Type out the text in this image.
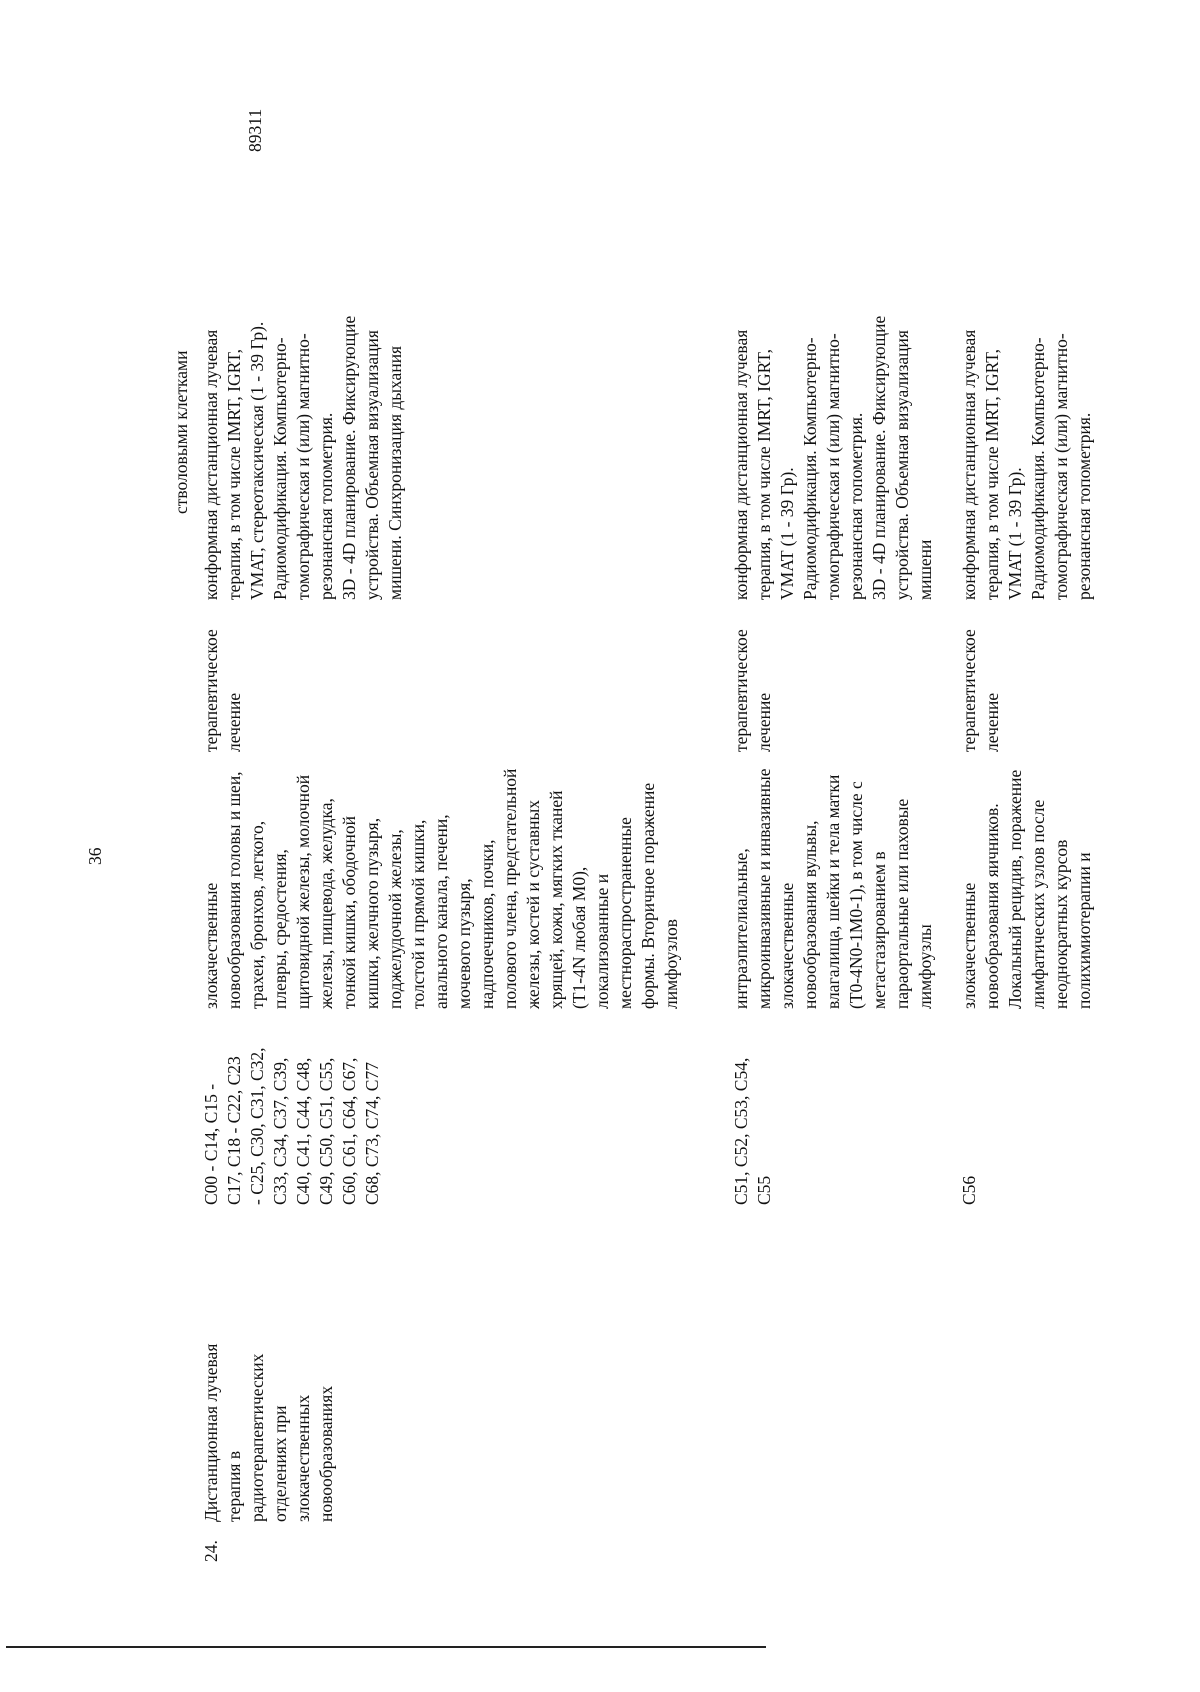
36

89311

стволовыми клетками

24.

Дистанционная лучевая
терапия в
радиотерапевтических
отделениях при
злокачественных
новообразованиях

С00 - С14, С15 -
С17, С18 - С22, С23
- С25, С30, С31, С32,
С33, С34, С37, С39,
С40, С41, С44, С48,
С49, С50, С51, С55,
С60, С61, С64, С67,
С68, С73, С74, С77

злокачественные
новообразования головы и шеи,
трахеи, бронхов, легкого,
плевры, средостения,
щитовидной железы, молочной
железы, пищевода, желудка,
тонкой кишки, ободочной
кишки, желчного пузыря,
поджелудочной железы,
толстой и прямой кишки,
анального канала, печени,
мочевого пузыря,
надпочечников, почки,
полового члена, предстательной
железы, костей и суставных
хрящей, кожи, мягких тканей
(Т1-4N любая М0),
локализованные и
местнораспространенные
формы. Вторичное поражение
лимфоузлов

терапевтическое
лечение

конформная дистанционная лучевая
терапия, в том числе IMRT, IGRT,
VMAT, стереотаксическая (1 - 39 Гр).
Радиомодификация. Компьютерно-
томографическая и (или) магнитно-
резонансная топометрия.
3D - 4D планирование. Фиксирующие
устройства. Объемная визуализация
мишени. Синхронизация дыхания

С51, С52, С53, С54,
С55

интраэпителиальные,
микроинвазивные и инвазивные
злокачественные
новообразования вульвы,
влагалища, шейки и тела матки
(Т0-4N0-1М0-1), в том числе с
метастазированием в
параортальные или паховые
лимфоузлы

терапевтическое
лечение

конформная дистанционная лучевая
терапия, в том числе IMRT, IGRT,
VMAT (1 - 39 Гр).
Радиомодификация. Компьютерно-
томографическая и (или) магнитно-
резонансная топометрия.
3D - 4D планирование. Фиксирующие
устройства. Объемная визуализация
мишени

С56

злокачественные
новообразования яичников.
Локальный рецидив, поражение
лимфатических узлов после
неоднократных курсов
полихимиотерапии и

терапевтическое
лечение

конформная дистанционная лучевая
терапия, в том числе IMRT, IGRT,
VMAT (1 - 39 Гр).
Радиомодификация. Компьютерно-
томографическая и (или) магнитно-
резонансная топометрия.
